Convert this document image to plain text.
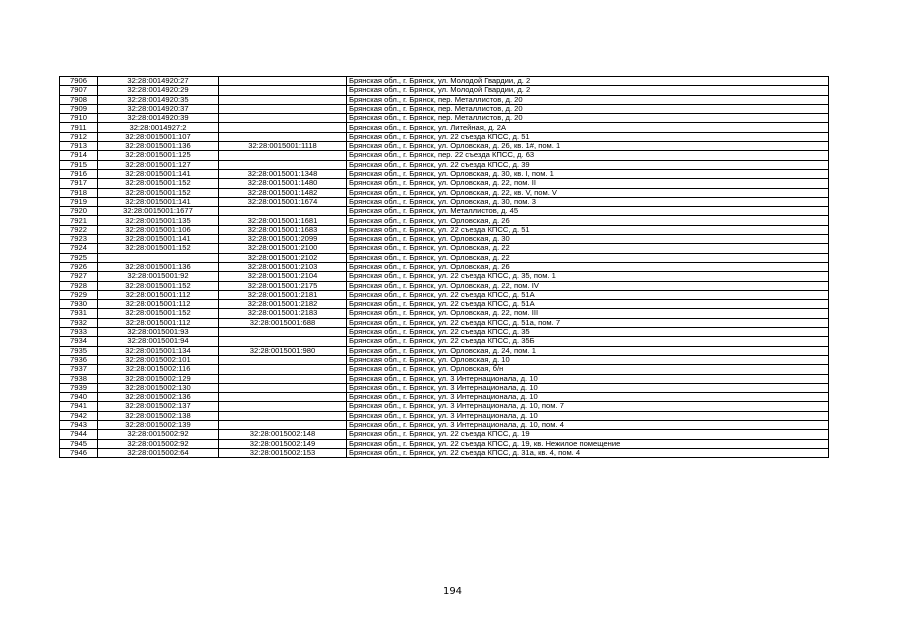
7906	32:28:0014920:27		Брянская обл., г. Брянск, ул. Молодой Гвардии, д. 2
7907	32:28:0014920:29		Брянская обл., г. Брянск, ул. Молодой Гвардии, д. 2
7908	32:28:0014920:35		Брянская обл., г. Брянск, пер. Металлистов, д. 20
7909	32:28:0014920:37		Брянская обл., г. Брянск, пер. Металлистов, д. 20
7910	32:28:0014920:39		Брянская обл., г. Брянск, пер. Металлистов, д. 20
7911	32:28:0014927:2		Брянская обл., г. Брянск, ул. Литейная, д. 2А
7912	32:28:0015001:107		Брянская обл., г. Брянск, ул. 22 съезда КПСС, д. 51
7913	32:28:0015001:136	32:28:0015001:1118	Брянская обл., г. Брянск, ул. Орловская, д. 26, кв. 1#, пом. 1
7914	32:28:0015001:125		Брянская обл., г. Брянск, пер. 22 съезда КПСС, д. 63
7915	32:28:0015001:127		Брянская обл., г. Брянск, ул. 22 съезда КПСС, д. 39
7916	32:28:0015001:141	32:28:0015001:1348	Брянская обл., г. Брянск, ул. Орловская, д. 30, кв. I, пом. 1
7917	32:28:0015001:152	32:28:0015001:1480	Брянская обл., г. Брянск, ул. Орловская, д. 22, пом. II
7918	32:28:0015001:152	32:28:0015001:1482	Брянская обл., г. Брянск, ул. Орловская, д. 22, кв. V, пом. V
7919	32:28:0015001:141	32:28:0015001:1674	Брянская обл., г. Брянск, ул. Орловская, д. 30, пом. 3
7920	32:28:0015001:1677		Брянская обл., г. Брянск, ул. Металлистов, д. 45
7921	32:28:0015001:135	32:28:0015001:1681	Брянская обл., г. Брянск, ул. Орловская, д. 26
7922	32:28:0015001:106	32:28:0015001:1683	Брянская обл., г. Брянск, ул. 22 съезда КПСС, д. 51
7923	32:28:0015001:141	32:28:0015001:2099	Брянская обл., г. Брянск, ул. Орловская, д. 30
7924	32:28:0015001:152	32:28:0015001:2100	Брянская обл., г. Брянск, ул. Орловская, д. 22
7925		32:28:0015001:2102	Брянская обл., г. Брянск, ул. Орловская, д. 22
7926	32:28:0015001:136	32:28:0015001:2103	Брянская обл., г. Брянск, ул. Орловская, д. 26
7927	32:28:0015001:92	32:28:0015001:2104	Брянская обл., г. Брянск, ул. 22 съезда КПСС, д. 35, пом. 1
7928	32:28:0015001:152	32:28:0015001:2175	Брянская обл., г. Брянск, ул. Орловская, д. 22, пом. IV
7929	32:28:0015001:112	32:28:0015001:2181	Брянская обл., г. Брянск, ул. 22 съезда КПСС, д. 51А
7930	32:28:0015001:112	32:28:0015001:2182	Брянская обл., г. Брянск, ул. 22 съезда КПСС, д. 51А
7931	32:28:0015001:152	32:28:0015001:2183	Брянская обл., г. Брянск, ул. Орловская, д. 22, пом. III
7932	32:28:0015001:112	32:28:0015001:688	Брянская обл., г. Брянск, ул. 22 съезда КПСС, д. 51а, пом. 7
7933	32:28:0015001:93		Брянская обл., г. Брянск, ул. 22 съезда КПСС, д. 35
7934	32:28:0015001:94		Брянская обл., г. Брянск, ул. 22 съезда КПСС, д. 35Б
7935	32:28:0015001:134	32:28:0015001:980	Брянская обл., г. Брянск, ул. Орловская, д. 24, пом. 1
7936	32:28:0015002:101		Брянская обл., г. Брянск, ул. Орловская, д. 10
7937	32:28:0015002:116		Брянская обл., г. Брянск, ул. Орловская, б/н
7938	32:28:0015002:129		Брянская обл., г. Брянск, ул. 3 Интернационала, д. 10
7939	32:28:0015002:130		Брянская обл., г. Брянск, ул. 3 Интернационала, д. 10
7940	32:28:0015002:136		Брянская обл., г. Брянск, ул. 3 Интернационала, д. 10
7941	32:28:0015002:137		Брянская обл., г. Брянск, ул. 3 Интернационала, д. 10, пом. 7
7942	32:28:0015002:138		Брянская обл., г. Брянск, ул. 3 Интернационала, д. 10
7943	32:28:0015002:139		Брянская обл., г. Брянск, ул. 3 Интернационала, д. 10, пом. 4
7944	32:28:0015002:92	32:28:0015002:148	Брянская обл., г. Брянск, ул. 22 съезда КПСС, д. 19
7945	32:28:0015002:92	32:28:0015002:149	Брянская обл., г. Брянск, ул. 22 съезда КПСС, д. 19, кв. Нежилое помещение
7946	32:28:0015002:64	32:28:0015002:153	Брянская обл., г. Брянск, ул. 22 съезда КПСС, д. 31а, кв. 4, пом. 4
194
